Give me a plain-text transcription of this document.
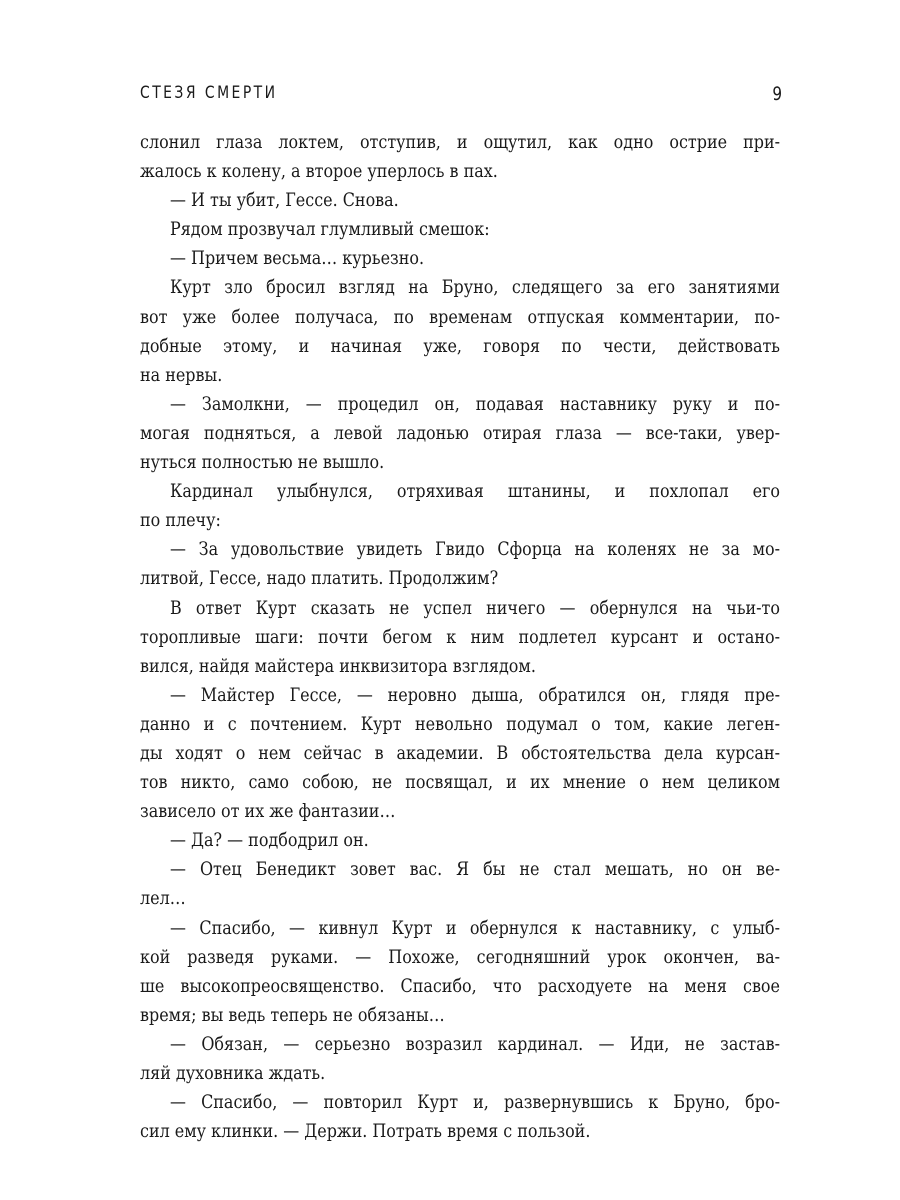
СТЕЗЯ СМЕРТИ	9
слонил глаза локтем, отступив, и ощутил, как одно острие при-
жалось к колену, а второе уперлось в пах.
— И ты убит, Гессе. Снова.
Рядом прозвучал глумливый смешок:
— Причем весьма… курьезно.
Курт зло бросил взгляд на Бруно, следящего за его занятиями
вот уже более получаса, по временам отпуская комментарии, по-
добные этому, и начиная уже, говоря по чести, действовать
на нервы.
— Замолкни, — процедил он, подавая наставнику руку и по-
могая подняться, а левой ладонью отирая глаза — все-таки, увер-
нуться полностью не вышло.
Кардинал улыбнулся, отряхивая штанины, и похлопал его
по плечу:
— За удовольствие увидеть Гвидо Сфорца на коленях не за мо-
литвой, Гессе, надо платить. Продолжим?
В ответ Курт сказать не успел ничего — обернулся на чьи-то
торопливые шаги: почти бегом к ним подлетел курсант и остано-
вился, найдя майстера инквизитора взглядом.
— Майстер Гессе, — неровно дыша, обратился он, глядя пре-
данно и с почтением. Курт невольно подумал о том, какие леген-
ды ходят о нем сейчас в академии. В обстоятельства дела курсан-
тов никто, само собою, не посвящал, и их мнение о нем целиком
зависело от их же фантазии…
— Да? — подбодрил он.
— Отец Бенедикт зовет вас. Я бы не стал мешать, но он ве-
лел…
— Спасибо, — кивнул Курт и обернулся к наставнику, с улыб-
кой разведя руками. — Похоже, сегодняшний урок окончен, ва-
ше высокопреосвященство. Спасибо, что расходуете на меня свое
время; вы ведь теперь не обязаны…
— Обязан, — серьезно возразил кардинал. — Иди, не застав-
ляй духовника ждать.
— Спасибо, — повторил Курт и, развернувшись к Бруно, бро-
сил ему клинки. — Держи. Потрать время с пользой.
